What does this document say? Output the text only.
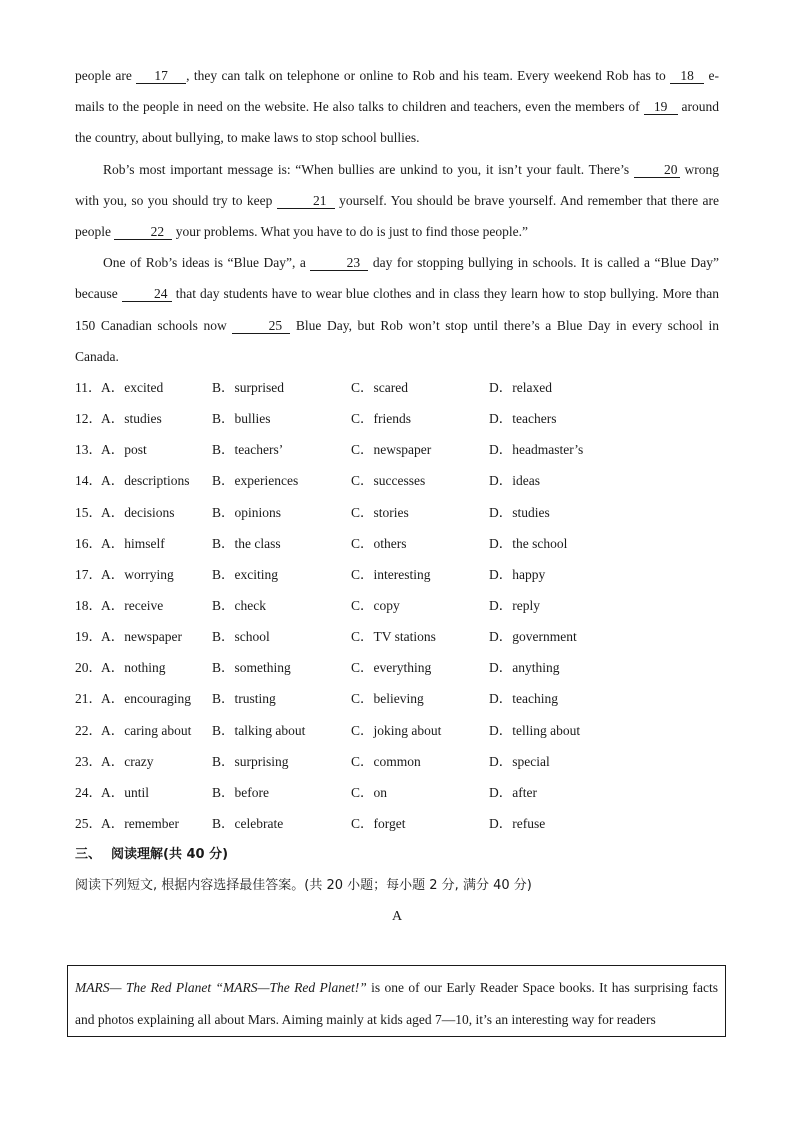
people are 17 , they can talk on telephone or online to Rob and his team. Every weekend Rob has to 18 e-mails to the people in need on the website. He also talks to children and teachers, even the members of 19 around the country, about bullying, to make laws to stop school bullies.

Rob’s most important message is: “When bullies are unkind to you, it isn’t your fault. There’s 20 wrong with you, so you should try to keep	21 yourself. You should be brave yourself. And remember that there are people	22 your problems. What you have to do is just to find those people.”

One of Rob’s ideas is “Blue Day”, a	23 day for stopping bullying in schools. It is called a “Blue Day” because 24 that day students have to wear blue clothes and in class they learn how to stop bullying. More than 150 Canadian schools now	25 Blue Day, but Rob won’t stop until there’s a Blue Day in every school in Canada.

11． A．excited	B．surprised	C．scared	D．relaxed
12． A．studies	B．bullies	C．friends	D．teachers
13． A．post	B．teachers’	C．newspaper	D．headmaster’s
14． A．descriptions B．experiences	C．successes	D．ideas
15． A．decisions	B．opinions	C．stories	D．studies
16． A．himself	B．the class	C．others	D．the school
17． A．worrying	B．exciting	C．interesting	D．happy
18． A．receive	B．check	C．copy	D．reply
19． A．newspaper B．school	C．TV stations	D．government
20． A．nothing	B．something	C．everything	D．anything
21． A．encouraging B．trusting	C．believing	D．teaching
22． A．caring about B．talking about	C．joking about	D．telling about
23． A．crazy	B．surprising	C．common	D．special
24． A．until	B．before	C．on	D．after
25． A．remember B．celebrate	C．forget	D．refuse
三、 阅读理解(共 40 分)
阅读下列短文, 根据内容选择最佳答案。(共 20 小题；每小题 2 分, 满分 40 分)
A

MARS— The Red Planet “MARS—The Red Planet!” is one of our Early Reader Space books. It has surprising facts and photos explaining all about Mars. Aiming mainly at kids aged 7—10, it’s an interesting way for readers
